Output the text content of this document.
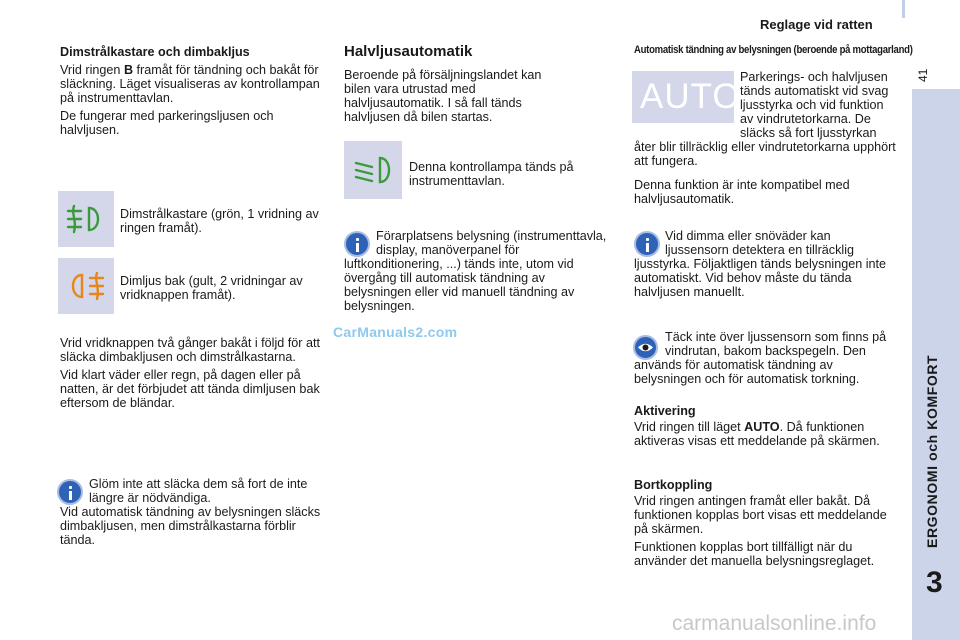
Reglage vid ratten
41
ERGONOMI och KOMFORT
3
Dimstrålkastare och dimbakljus

Vrid ringen B framåt för tändning och bakåt för släckning. Läget visualiseras av kontrollampan på instrumenttavlan.

De fungerar med parkeringsljusen och halvljusen.

Dimstrålkastare (grön, 1 vridning av ringen framåt).
Dimljus bak (gult, 2 vridningar av vridknappen framåt).

Vrid vridknappen två gånger bakåt i följd för att släcka dimbakljusen och dimstrålkastarna.

Vid klart väder eller regn, på dagen eller på natten, är det förbjudet att tända dimljusen bak eftersom de bländar.

Glöm inte att släcka dem så fort de inte längre är nödvändiga.
Vid automatisk tändning av belysningen släcks dimbakljusen, men dimstrålkastarna förblir tända.
Halvljusautomatik
Beroende på försäljningslandet kan bilen vara utrustad med halvljusautomatik. I så fall tänds halvljusen då bilen startas.
Denna kontrollampa tänds på instrumenttavlan.
Förarplatsens belysning (instrumenttavla, display, manöverpanel för luftkonditionering, ...) tänds inte, utom vid övergång till automatisk tändning av belysningen eller vid manuell tändning av belysningen.
CarManuals2.com
Automatisk tändning av belysningen (beroende på mottagarland)
AUTO Parkerings- och halvljusen tänds automatiskt vid svag ljusstyrka och vid funktion av vindrutetorkarna. De släcks så fort ljusstyrkan åter blir tillräcklig eller vindrutetorkarna upphört att fungera.
Denna funktion är inte kompatibel med halvljusautomatik.
Vid dimma eller snöväder kan ljussensorn detektera en tillräcklig ljusstyrka. Följaktligen tänds belysningen inte automatiskt. Vid behov måste du tända halvljusen manuellt.
Täck inte över ljussensorn som finns på vindrutan, bakom backspegeln. Den används för automatisk tändning av belysningen och för automatisk torkning.
Aktivering
Vrid ringen till läget AUTO. Då funktionen aktiveras visas ett meddelande på skärmen.
Bortkoppling

Vrid ringen antingen framåt eller bakåt. Då funktionen kopplas bort visas ett meddelande på skärmen.

Funktionen kopplas bort tillfälligt när du använder det manuella belysningsreglaget.

carmanualsonline.info
